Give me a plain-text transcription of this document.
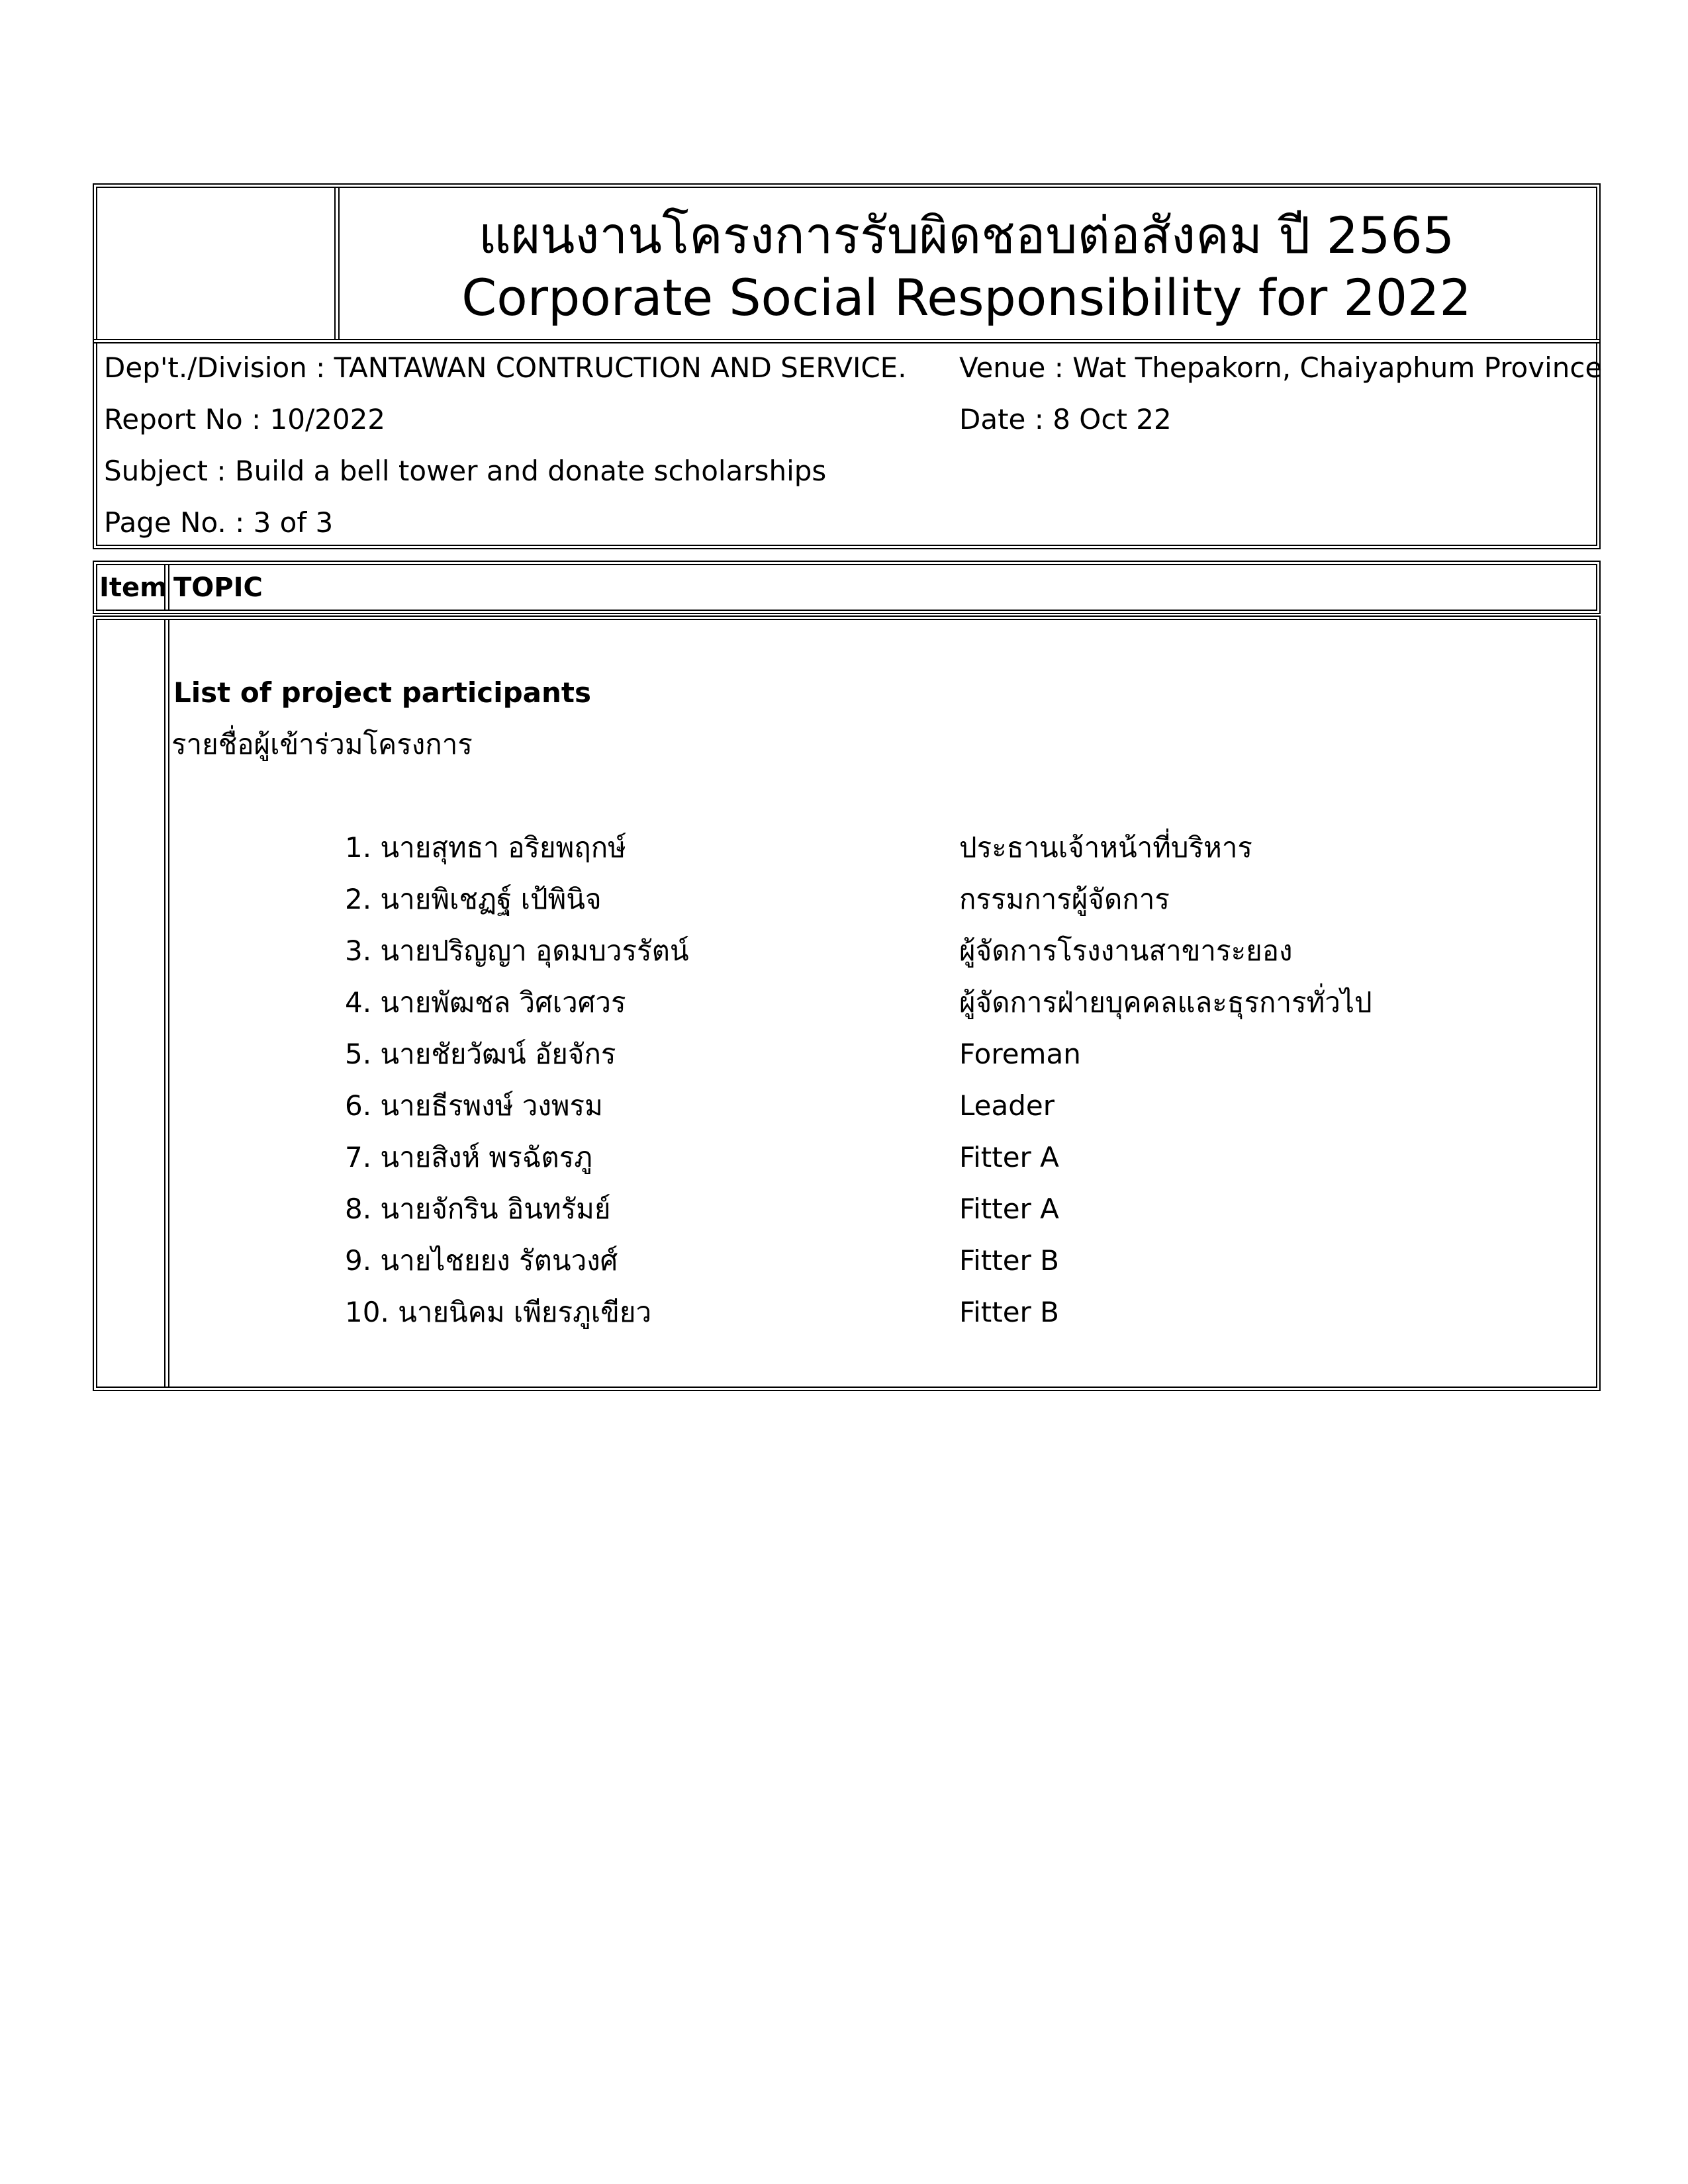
แผนงานโครงการรับผิดชอบต่อสังคม ปี 2565
Corporate Social Responsibility for 2022
Dep't./Division : TANTAWAN CONTRUCTION AND SERVICE. Venue : Wat Thepakorn, Chaiyaphum Province
Report No : 10/2022	Date : 8 Oct 22
Subject : Build a bell tower and donate scholarships
Page No. : 3 of 3
Item TOPIC
List of project participants
รายชื่อผู้เข้าร่วมโครงการ
1. นายสุทธา อริยพฤกษ์	ประธานเจ้าหน้าที่บริหาร
2. นายพิเชฏฐ์ เป้พินิจ	กรรมการผู้จัดการ
3. นายปริญญา อุดมบวรรัตน์	ผู้จัดการโรงงานสาขาระยอง
4. นายพัฒชล วิศเวศวร	ผู้จัดการฝ่ายบุคคลและธุรการทั่วไป
5. นายชัยวัฒน์ อัยจักร	Foreman
6. นายธีรพงษ์ วงพรม	Leader
7. นายสิงห์ พรฉัตรภู	Fitter A
8. นายจักริน อินทรัมย์	Fitter A
9. นายไชยยง รัตนวงศ์	Fitter B
10. นายนิคม เพียรภูเขียว	Fitter B
